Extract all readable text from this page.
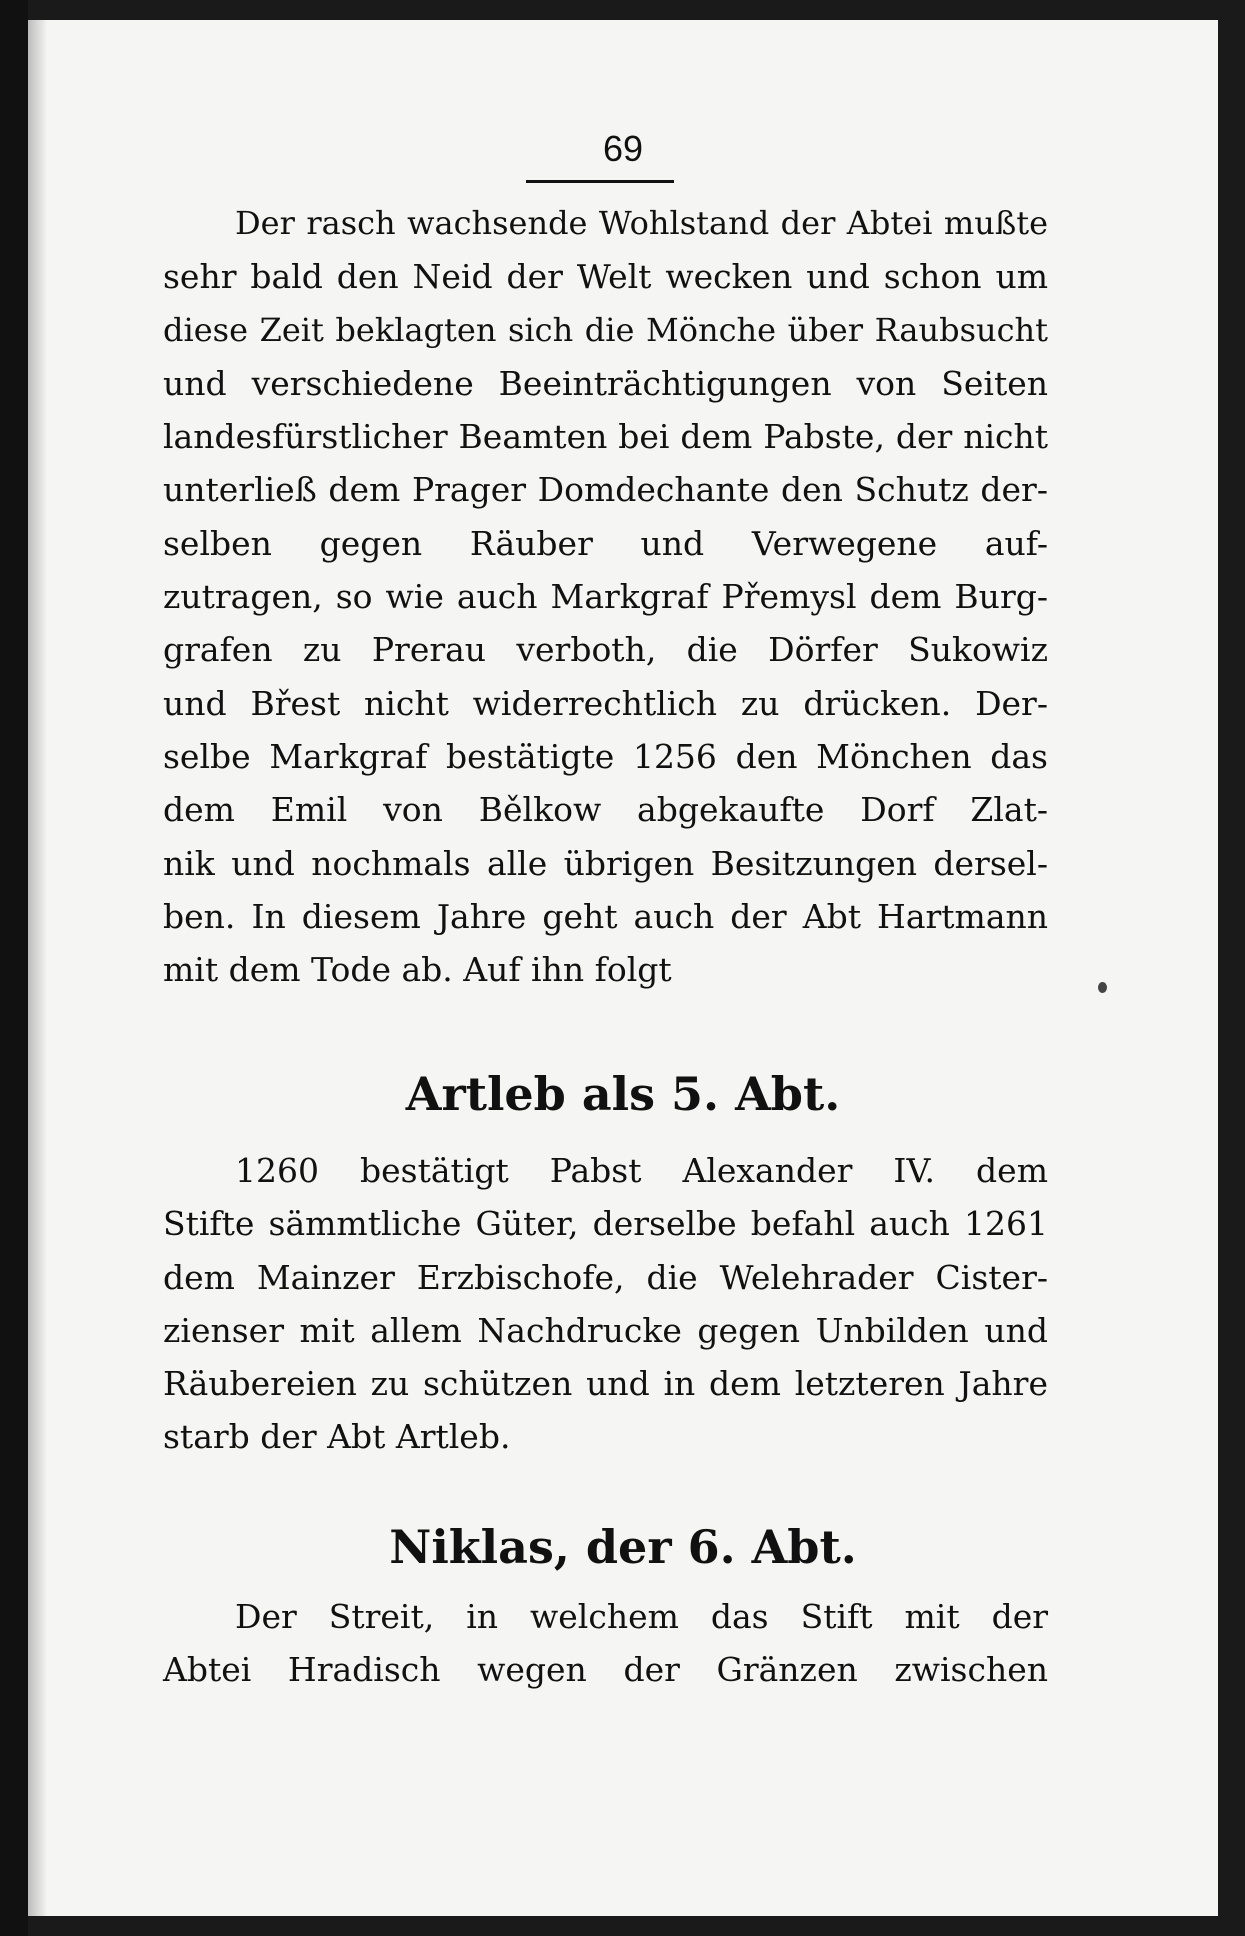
69

Der rasch wachsende Wohlstand der Abtei mußte
sehr bald den Neid der Welt wecken und schon um
diese Zeit beklagten sich die Mönche über Raubsucht
und verschiedene Beeinträchtigungen von Seiten
landesfürstlicher Beamten bei dem Pabste, der nicht
unterließ dem Prager Domdechante den Schutz der-
selben gegen Räuber und Verwegene auf-
zutragen, so wie auch Markgraf Přemysl dem Burg-
grafen zu Prerau verboth, die Dörfer Sukowiz
und Břest nicht widerrechtlich zu drücken. Der-
selbe Markgraf bestätigte 1256 den Mönchen das
dem Emil von Bělkow abgekaufte Dorf Zlat-
nik und nochmals alle übrigen Besitzungen dersel-
ben. In diesem Jahre geht auch der Abt Hartmann
mit dem Tode ab. Auf ihn folgt

Artleb als 5. Abt.

1260 bestätigt Pabst Alexander IV. dem
Stifte sämmtliche Güter, derselbe befahl auch 1261
dem Mainzer Erzbischofe, die Welehrader Cister-
zienser mit allem Nachdrucke gegen Unbilden und
Räubereien zu schützen und in dem letzteren Jahre
starb der Abt Artleb.

Niklas, der 6. Abt.

Der Streit, in welchem das Stift mit der
Abtei Hradisch wegen der Gränzen zwischen
